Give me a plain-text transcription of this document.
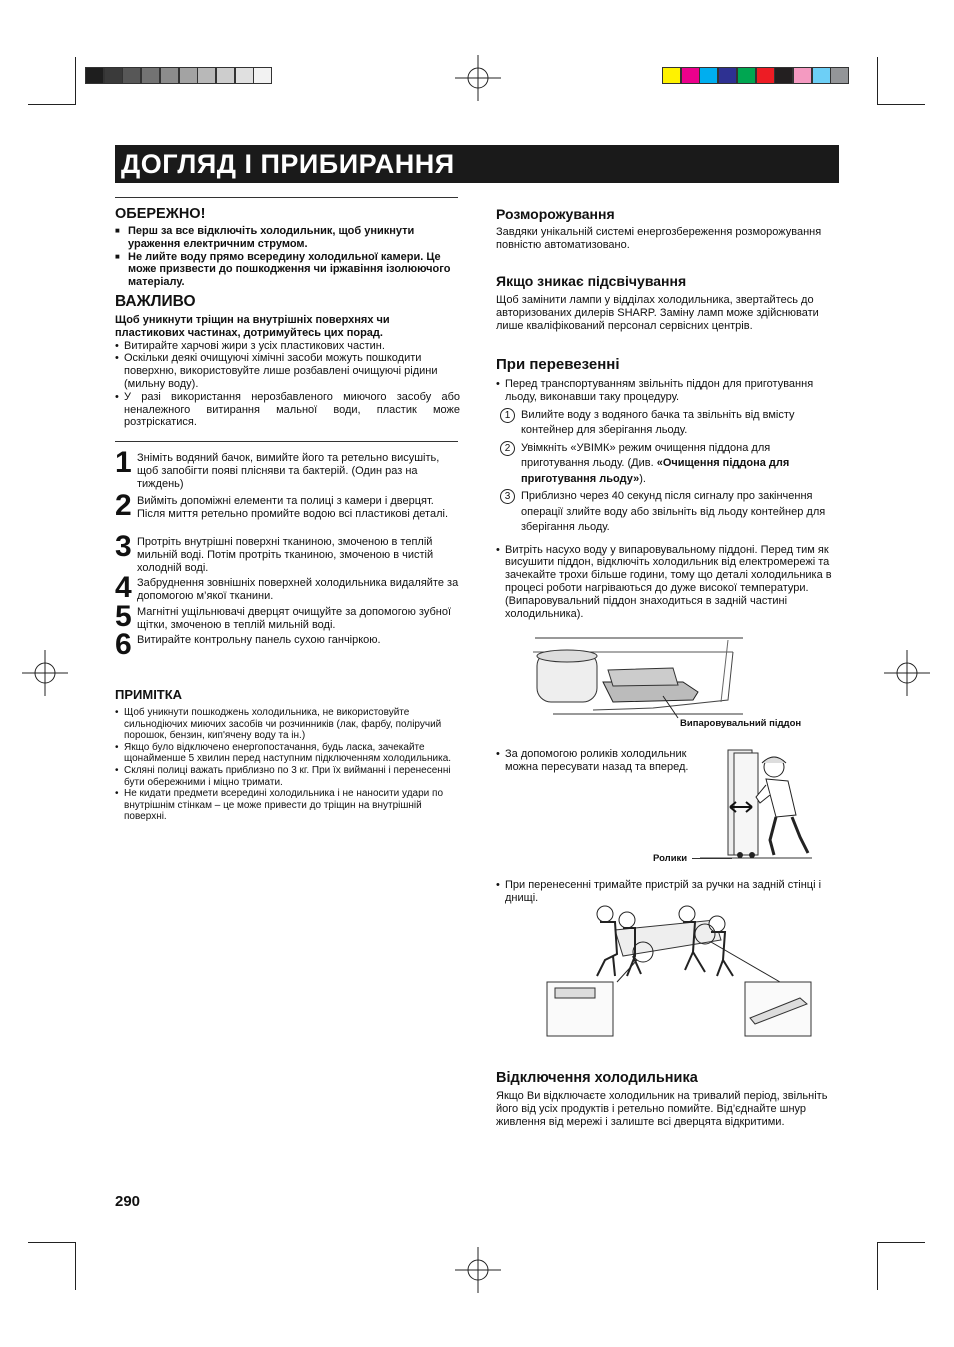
ДОГЛЯД І ПРИБИРАННЯ
ОБЕРЕЖНО!
■ Перш за все відключіть холодильник, щоб уникнути ураження електричним струмом.
■ Не лийте воду прямо всередину холодильної камери. Це може призвести до пошкодження чи іржавіння ізолюючого матеріалу.
ВАЖЛИВО
Щоб уникнути тріщин на внутрішніх поверхнях чи пластикових частинах, дотримуйтесь цих порад.
• Витирайте харчові жири з усіх пластикових частин.
• Оскільки деякі очищуючі хімічні засоби можуть пошкодити поверхню, використовуйте лише розбавлені очищуючі рідини (мильну воду).
• У разі використання нерозбавленого миючого засобу або неналежного витирання мальної води, пластик може розтріскатися.
1 Зніміть водяний бачок, вимийте його та ретельно висушіть, щоб запобігти появі плісняви та бактерій. (Один раз на тиждень)
2 Вийміть допоміжні елементи та полиці з камери і дверцят. Після миття ретельно промийте водою всі пластикові деталі.
3 Протріть внутрішні поверхні тканиною, змоченою в теплій мильній воді. Потім протріть тканиною, змоченою в чистій холодній воді.
4 Забруднення зовнішніх поверхней холодильника видаляйте за допомогою м’якої тканини.
5 Магнітні ущільнювачі дверцят очищуйте за допомогою зубної щітки, змоченою в теплій мильній воді.
6 Витирайте контрольну панель сухою ганчіркою.
ПРИМІТКА
• Щоб уникнути пошкоджень холодильника, не використовуйте сильнодіючих миючих засобів чи розчинників (лак, фарбу, поліручий порошок, бензин, кип'ячену воду та ін.)
• Якщо було відключено енергопостачання, будь ласка, зачекайте щонайменше 5 хвилин перед наступним підключенням холодильника.
• Скляні полиці важать приблизно по 3 кг. При їх вийманні і перенесенні бути обережними і міцно тримати.
• Не кидати предмети всередині холодильника і не наносити удари по внутрішнім стінкам – це може привести до тріщин на внутрішній поверхні.
290
Розморожування
Завдяки унікальній системі енергозбереження розморожування повністю автоматизовано.
Якщо зникає підсвічування
Щоб замінити лампи у відділах холодильника, звертайтесь до авторизованих дилерів SHARP. Заміну ламп може здійснювати лише кваліфікований персонал сервісних центрів.
При перевезенні
• Перед транспортуванням звільніть піддон для приготування льоду, виконавши таку процедуру.
1 Вилийте воду з водяного бачка та звільніть від вмісту контейнер для зберігання льоду.
2 Увімкніть «УВІМК» режим очищення піддона для приготування льоду. (Див. «Очищення піддона для приготування льоду»).
3 Приблизно через 40 секунд після сигналу про закінчення операції злийте воду або звільніть від льоду контейнер для зберігання льоду.
• Витріть насухо воду у випаровувальному піддоні. Перед тим як висушити піддон, відключіть холодильник від електромережі та зачекайте трохи більше години, тому що деталі холодильника в процесі роботи нагріваються до дуже високої температури. (Випаровувальний піддон знаходиться в задній частині холодильника).
Випаровувальний піддон
• За допомогою роликів холодильник можна пересувати назад та вперед.
Ролики
• При перенесенні тримайте пристрій за ручки на задній стінці і днищі.
Відключення холодильника
Якщо Ви відключаєте холодильник на тривалий період, звільніть його від усіх продуктів і ретельно помийте. Від’єднайте шнур живлення від мережі і залиште всі дверцята відкритими.
